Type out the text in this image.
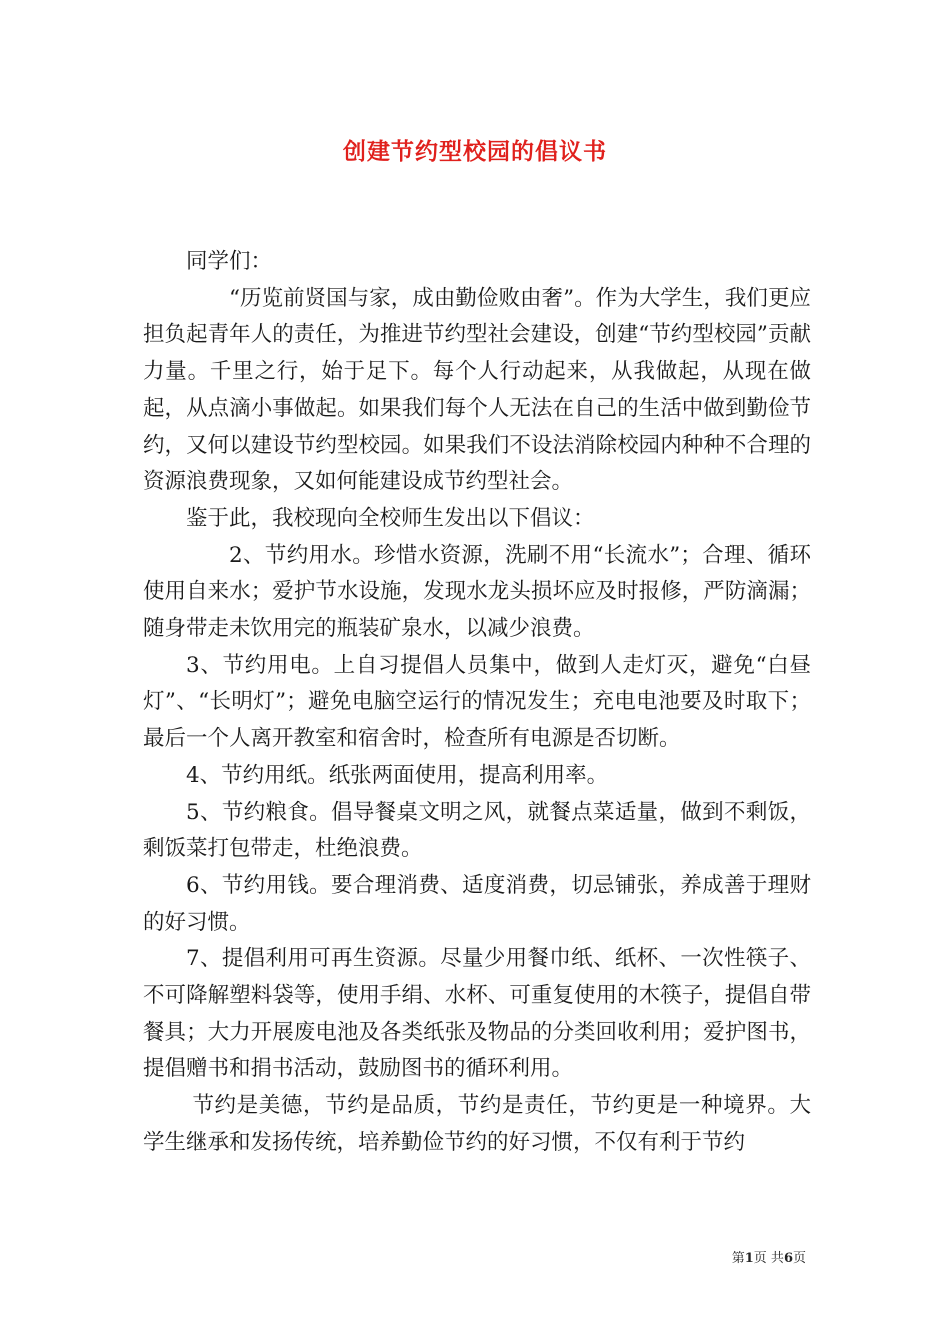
创建节约型校园的倡议书

同学们：

“历览前贤国与家，成由勤俭败由奢”。作为大学生，我们更应担负起青年人的责任，为推进节约型社会建设，创建“节约型校园”贡献力量。千里之行，始于足下。每个人行动起来，从我做起，从现在做起，从点滴小事做起。如果我们每个人无法在自己的生活中做到勤俭节约，又何以建设节约型校园。如果我们不设法消除校园内种种不合理的资源浪费现象，又如何能建设成节约型社会。

鉴于此，我校现向全校师生发出以下倡议：

2、节约用水。珍惜水资源，洗刷不用“长流水”；合理、循环使用自来水；爱护节水设施，发现水龙头损坏应及时报修，严防滴漏；随身带走未饮用完的瓶装矿泉水，以减少浪费。

3、节约用电。上自习提倡人员集中，做到人走灯灭，避免“白昼灯”、“长明灯”；避免电脑空运行的情况发生；充电电池要及时取下；最后一个人离开教室和宿舍时，检查所有电源是否切断。

4、节约用纸。纸张两面使用，提高利用率。

5、节约粮食。倡导餐桌文明之风，就餐点菜适量，做到不剩饭，剩饭菜打包带走，杜绝浪费。

6、节约用钱。要合理消费、适度消费，切忌铺张，养成善于理财的好习惯。

7、提倡利用可再生资源。尽量少用餐巾纸、纸杯、一次性筷子、不可降解塑料袋等，使用手绢、水杯、可重复使用的木筷子，提倡自带餐具；大力开展废电池及各类纸张及物品的分类回收利用；爱护图书，提倡赠书和捐书活动，鼓励图书的循环利用。

节约是美德，节约是品质，节约是责任，节约更是一种境界。大学生继承和发扬传统，培养勤俭节约的好习惯，不仅有利于节约

第1页 共6页
